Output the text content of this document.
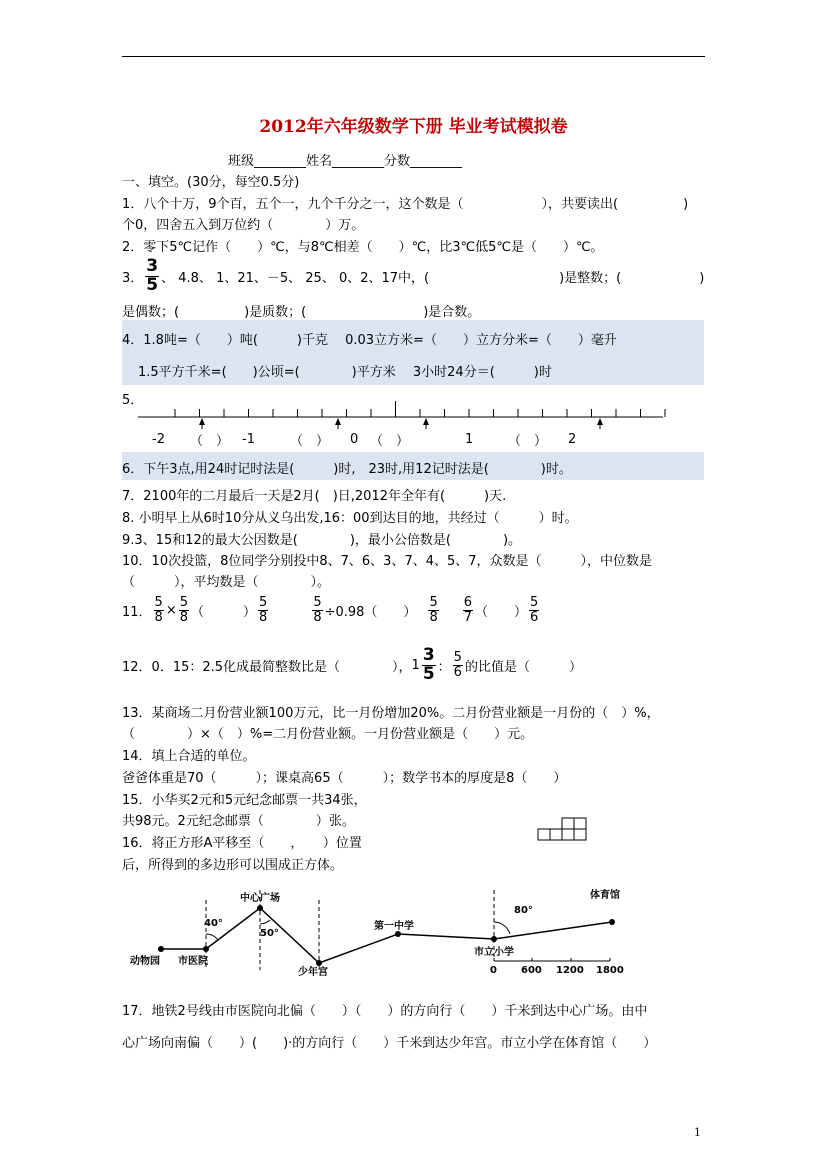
2012年六年级数学下册 毕业考试模拟卷
班级________姓名________分数________
一、填空。(30分，每空0.5分)
1．八个十万，9个百，五个一，九个千分之一，这个数是（　　　　　　），共要读出(　　　　　)
个0，四舍五入到万位约（　　　　）万。
2．零下5℃记作（　　）℃，与8℃相差（　　）℃，比3℃低5℃是（　　）℃。
3． $\frac{3}{5}$ 、 4.8、 1、21、－5、 25、 0、2、17中，(　　　　　　　　　　)是整数；(　　　　　　)
是偶数；(　　　　　)是质数；(　　　　　　　　　)是合数。
4．1.8吨=（　　）吨(　　　)千克　 0.03立方米=（　　）立方分米=（　　）毫升
1.5平方千米=(　　)公顷=(　　　　)平方米　 3小时24分＝(　　　)时
5．
-2 （　） -1	（　） 0 （　）	1	（　） 2
6．下午3点,用24时记时法是(　　　)时,　23时,用12记时法是(　　　　)时。
7．2100年的二月最后一天是2月(　)日,2012年全年有(　　　)天.
8. 小明早上从6时10分从义乌出发,16：00到达目的地，共经过（　　　）时。
9.3、15和12的最大公因数是(　　　　)，最小公倍数是(　　　　)。
10．10次投篮，8位同学分别投中8、7、6、3、7、4、5、7，众数是（　　　），中位数是
（　　　），平均数是（　　　　）。
11． $\frac{5}{8} \times \frac{5}{8}$ （　　　） $\frac{5}{8}$	$\frac{5}{8} \div 0.98$（　　） $\frac{5}{8} \frac{6}{7}$ （　　） $\frac{5}{6}$
12．0．15：2.5化成最简整数比是（　　　　）， $1 \frac{3}{5}$ ： $\frac{5}{6}$ 的比值是（　　　）
13．某商场二月份营业额100万元，比一月份增加20%。二月份营业额是一月份的（　）%，
（　　　　）×（　）%=二月份营业额。一月份营业额是（　　）元。
14．填上合适的单位。
爸爸体重是70（　　　）；课桌高65（　　　）；数学书本的厚度是8（　　）
15．小华买2元和5元纪念邮票一共34张，
共98元。2元纪念邮票（　　　　）张。
16．将正方形A平移至（　　，　　）位置
后，所得到的多边形可以围成正方体。
动物园 市医院
中心广场
少年宫
第一中学
市立小学
体育馆
40°
50°
80°
0 600 1200 1800
17．地铁2号线由市医院向北偏（　　）（　　）的方向行（　　）千米到达中心广场。由中
心广场向南偏（　　）(　　)·的方向行（　　）千米到达少年宫。市立小学在体育馆（　　）
1
